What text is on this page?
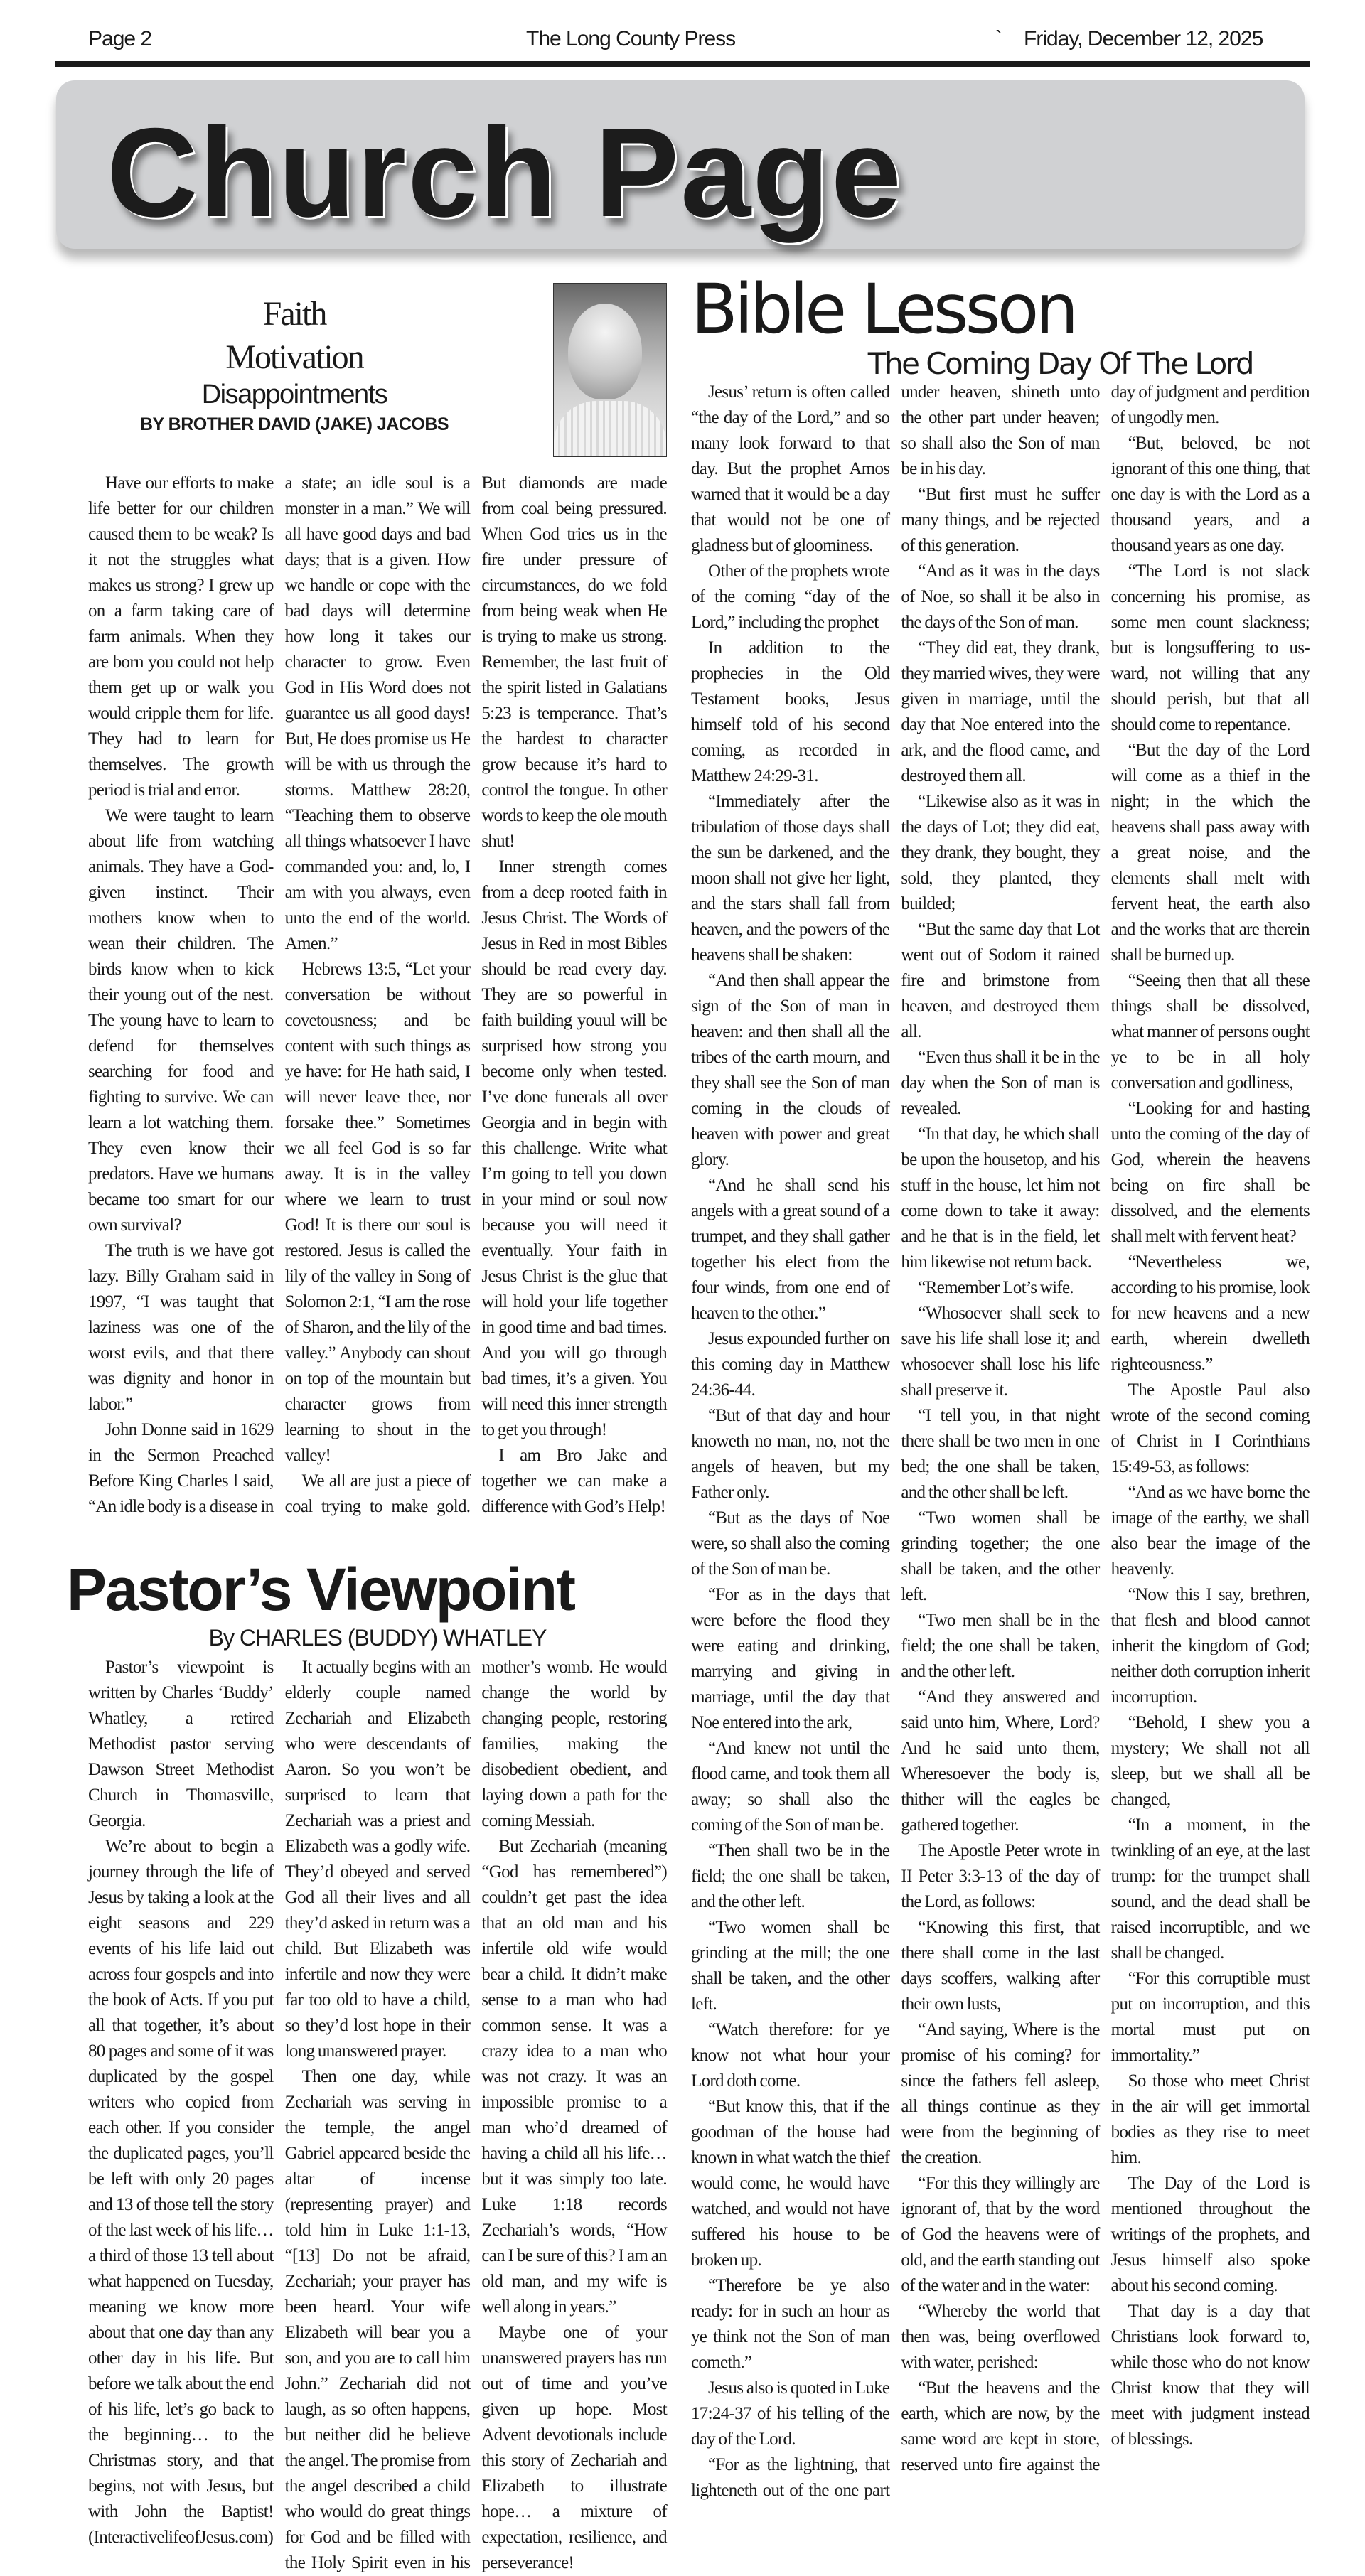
Page 2	The Long County Press	` Friday, December 12, 2025
Church Page
Faith
Motivation
Disappointments
BY BROTHER DAVID (JAKE) JACOBS

Have our efforts to make life better for our children caused them to be weak? Is it not the struggles what makes us strong? I grew up on a farm taking care of farm animals. When they are born you could not help them get up or walk you would cripple them for life. They had to learn for themselves. The growth period is trial and error.

We were taught to learn about life from watching animals. They have a God-given instinct. Their mothers know when to wean their children. The birds know when to kick their young out of the nest. The young have to learn to defend for themselves searching for food and fighting to survive. We can learn a lot watching them. They even know their predators. Have we humans became too smart for our own survival?

The truth is we have got lazy. Billy Graham said in 1997, “I was taught that laziness was one of the worst evils, and that there was dignity and honor in labor.”

John Donne said in 1629 in the Sermon Preached Before King Charles l said, “An idle body is a disease in a state; an idle soul is a monster in a man.” We will all have good days and bad days; that is a given. How we handle or cope with the bad days will determine how long it takes our character to grow. Even God in His Word does not guarantee us all good days! But, He does promise us He will be with us through the storms. Matthew 28:20, “Teaching them to observe all things whatsoever I have commanded you: and, lo, I am with you always, even unto the end of the world. Amen.”

Hebrews 13:5, “Let your conversation be without covetousness; and be content with such things as ye have: for He hath said, I will never leave thee, nor forsake thee.” Sometimes we all feel God is so far away. It is in the valley where we learn to trust God! It is there our soul is restored. Jesus is called the lily of the valley in Song of Solomon 2:1, “I am the rose of Sharon, and the lily of the valley.” Anybody can shout on top of the mountain but character grows from learning to shout in the valley!

We all are just a piece of coal trying to make gold. But diamonds are made from coal being pressured. When God tries us in the fire under pressure of circumstances, do we fold from being weak when He is trying to make us strong. Remember, the last fruit of the spirit listed in Galatians 5:23 is temperance. That’s the hardest to character grow because it’s hard to control the tongue. In other words to keep the ole mouth shut!

Inner strength comes from a deep rooted faith in Jesus Christ. The Words of Jesus in Red in most Bibles should be read every day. They are so powerful in faith building youul will be surprised how strong you become only when tested. I’ve done funerals all over Georgia and in begin with this challenge. Write what I’m going to tell you down in your mind or soul now because you will need it eventually. Your faith in Jesus Christ is the glue that will hold your life together in good time and bad times. And you will go through bad times, it’s a given. You will need this inner strength to get you through!

I am Bro Jake and together we can make a difference with God’s Help!

Pastor’s Viewpoint
By CHARLES (BUDDY) WHATLEY

Pastor’s viewpoint is written by Charles ‘Buddy’ Whatley, a retired Methodist pastor serving Dawson Street Methodist Church in Thomasville, Georgia.

We’re about to begin a journey through the life of Jesus by taking a look at the eight seasons and 229 events of his life laid out across four gospels and into the book of Acts. If you put all that together, it’s about 80 pages and some of it was duplicated by the gospel writers who copied from each other. If you consider the duplicated pages, you’ll be left with only 20 pages and 13 of those tell the story of the last week of his life… a third of those 13 tell about what happened on Tuesday, meaning we know more about that one day than any other day in his life. But before we talk about the end of his life, let’s go back to the beginning… to the Christmas story, and that begins, not with Jesus, but with John the Baptist! (InteractivelifeofJesus.com)

It actually begins with an elderly couple named Zechariah and Elizabeth who were descendants of Aaron. So you won’t be surprised to learn that Zechariah was a priest and Elizabeth was a godly wife. They’d obeyed and served God all their lives and all they’d asked in return was a child. But Elizabeth was infertile and now they were far too old to have a child, so they’d lost hope in their long unanswered prayer.

Then one day, while Zechariah was serving in the temple, the angel Gabriel appeared beside the altar of incense (representing prayer) and told him in Luke 1:1-13, “[13] Do not be afraid, Zechariah; your prayer has been heard. Your wife Elizabeth will bear you a son, and you are to call him John.” Zechariah did not laugh, as so often happens, but neither did he believe the angel. The promise from the angel described a child who would do great things for God and be filled with the Holy Spirit even in his mother’s womb. He would change the world by changing people, restoring families, making the disobedient obedient, and laying down a path for the coming Messiah.

But Zechariah (meaning “God has remembered”) couldn’t get past the idea that an old man and his infertile old wife would bear a child. It didn’t make sense to a man who had common sense. It was a crazy idea to a man who was not crazy. It was an impossible promise to a man who’d dreamed of having a child all his life… but it was simply too late. Luke 1:18 records Zechariah’s words, “How can I be sure of this? I am an old man, and my wife is well along in years.”

Maybe one of your unanswered prayers has run out of time and you’ve given up hope. Most Advent devotionals include this story of Zechariah and Elizabeth to illustrate hope… a mixture of expectation, resilience, and perseverance!

Bible Lesson
The Coming Day Of The Lord

Jesus’ return is often called “the day of the Lord,” and so many look forward to that day. But the prophet Amos warned that it would be a day that would not be one of gladness but of gloominess.

Other of the prophets wrote of the coming “day of the Lord,” including the prophet

In addition to the prophecies in the Old Testament books, Jesus himself told of his second coming, as recorded in Matthew 24:29-31.

“Immediately after the tribulation of those days shall the sun be darkened, and the moon shall not give her light, and the stars shall fall from heaven, and the powers of the heavens shall be shaken:

“And then shall appear the sign of the Son of man in heaven: and then shall all the tribes of the earth mourn, and they shall see the Son of man coming in the clouds of heaven with power and great glory.

“And he shall send his angels with a great sound of a trumpet, and they shall gather together his elect from the four winds, from one end of heaven to the other.”

Jesus expounded further on this coming day in Matthew 24:36-44.

“But of that day and hour knoweth no man, no, not the angels of heaven, but my Father only.

“But as the days of Noe were, so shall also the coming of the Son of man be.

“For as in the days that were before the flood they were eating and drinking, marrying and giving in marriage, until the day that Noe entered into the ark,

“And knew not until the flood came, and took them all away; so shall also the coming of the Son of man be.

“Then shall two be in the field; the one shall be taken, and the other left.

“Two women shall be grinding at the mill; the one shall be taken, and the other left.

“Watch therefore: for ye know not what hour your Lord doth come.

“But know this, that if the goodman of the house had known in what watch the thief would come, he would have watched, and would not have suffered his house to be broken up.

“Therefore be ye also ready: for in such an hour as ye think not the Son of man cometh.”

Jesus also is quoted in Luke 17:24-37 of his telling of the day of the Lord.

“For as the lightning, that lighteneth out of the one part under heaven, shineth unto the other part under heaven; so shall also the Son of man be in his day.

“But first must he suffer many things, and be rejected of this generation.

“And as it was in the days of Noe, so shall it be also in the days of the Son of man.

“They did eat, they drank, they married wives, they were given in marriage, until the day that Noe entered into the ark, and the flood came, and destroyed them all.

“Likewise also as it was in the days of Lot; they did eat, they drank, they bought, they sold, they planted, they builded;

“But the same day that Lot went out of Sodom it rained fire and brimstone from heaven, and destroyed them all.

“Even thus shall it be in the day when the Son of man is revealed.

“In that day, he which shall be upon the housetop, and his stuff in the house, let him not come down to take it away: and he that is in the field, let him likewise not return back.

“Remember Lot’s wife.

“Whosoever shall seek to save his life shall lose it; and whosoever shall lose his life shall preserve it.

“I tell you, in that night there shall be two men in one bed; the one shall be taken, and the other shall be left.

“Two women shall be grinding together; the one shall be taken, and the other left.

“Two men shall be in the field; the one shall be taken, and the other left.

“And they answered and said unto him, Where, Lord? And he said unto them, Wheresoever the body is, thither will the eagles be gathered together.

The Apostle Peter wrote in II Peter 3:3-13 of the day of the Lord, as follows:

“Knowing this first, that there shall come in the last days scoffers, walking after their own lusts,

“And saying, Where is the promise of his coming? for since the fathers fell asleep, all things continue as they were from the beginning of the creation.

“For this they willingly are ignorant of, that by the word of God the heavens were of old, and the earth standing out of the water and in the water:

“Whereby the world that then was, being overflowed with water, perished:

“But the heavens and the earth, which are now, by the same word are kept in store, reserved unto fire against the day of judgment and perdition of ungodly men.

“But, beloved, be not ignorant of this one thing, that one day is with the Lord as a thousand years, and a thousand years as one day.

“The Lord is not slack concerning his promise, as some men count slackness; but is longsuffering to us-ward, not willing that any should perish, but that all should come to repentance.

“But the day of the Lord will come as a thief in the night; in the which the heavens shall pass away with a great noise, and the elements shall melt with fervent heat, the earth also and the works that are therein shall be burned up.

“Seeing then that all these things shall be dissolved, what manner of persons ought ye to be in all holy conversation and godliness,

“Looking for and hasting unto the coming of the day of God, wherein the heavens being on fire shall be dissolved, and the elements shall melt with fervent heat?

“Nevertheless we, according to his promise, look for new heavens and a new earth, wherein dwelleth righteousness.”

The Apostle Paul also wrote of the second coming of Christ in I Corinthians 15:49-53, as follows:

“And as we have borne the image of the earthy, we shall also bear the image of the heavenly.

“Now this I say, brethren, that flesh and blood cannot inherit the kingdom of God; neither doth corruption inherit incorruption.

“Behold, I shew you a mystery; We shall not all sleep, but we shall all be changed,

“In a moment, in the twinkling of an eye, at the last trump: for the trumpet shall sound, and the dead shall be raised incorruptible, and we shall be changed.

“For this corruptible must put on incorruption, and this mortal must put on immortality.”

So those who meet Christ in the air will get immortal bodies as they rise to meet him.

The Day of the Lord is mentioned throughout the writings of the prophets, and Jesus himself also spoke about his second coming.

That day is a day that Christians look forward to, while those who do not know Christ know that they will meet with judgment instead of blessings.
